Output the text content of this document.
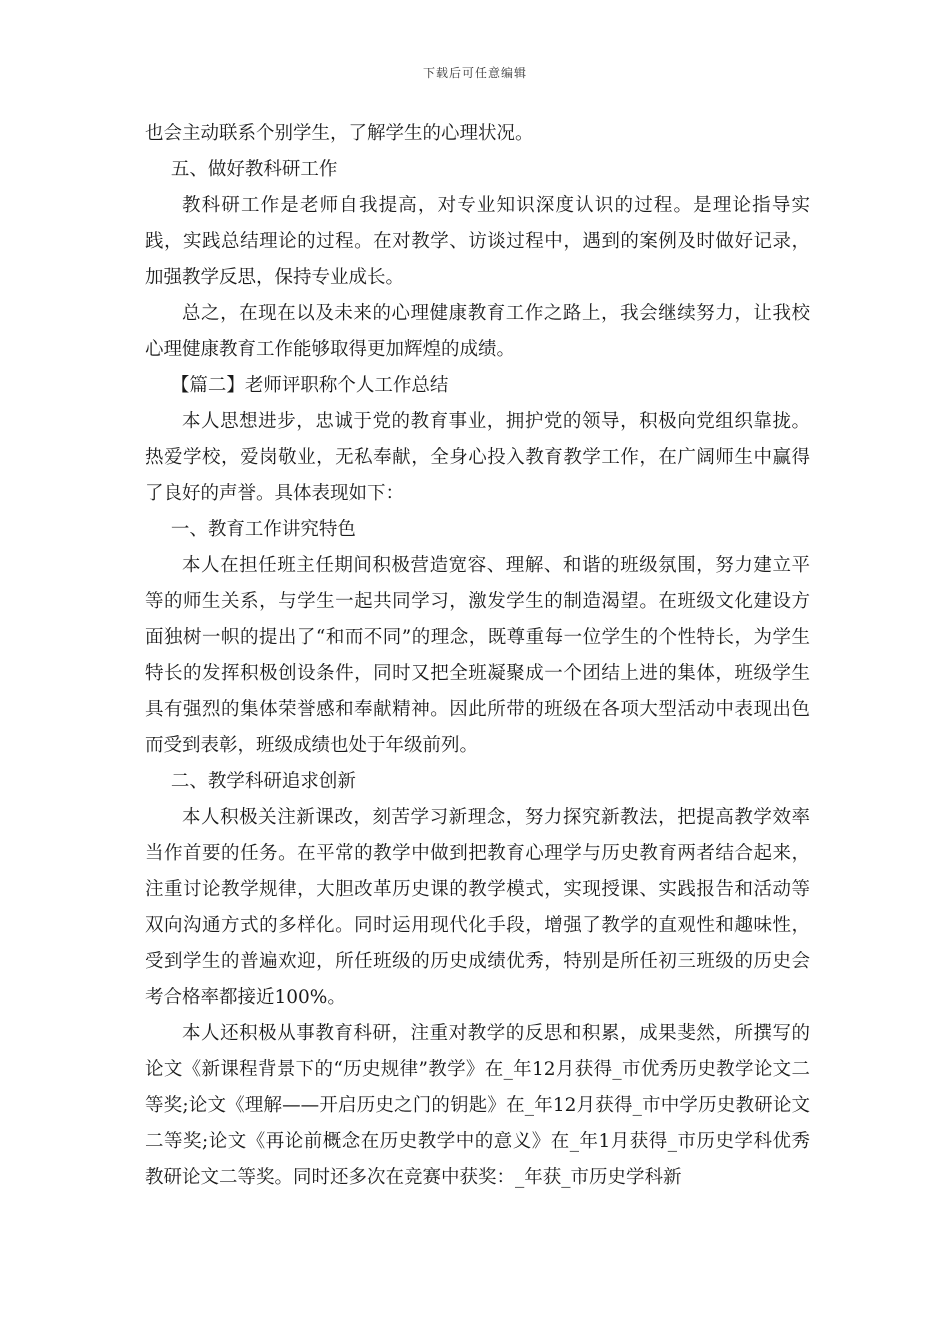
下载后可任意编辑

也会主动联系个别学生，了解学生的心理状况。

五、做好教科研工作

教科研工作是老师自我提高，对专业知识深度认识的过程。是理论指导实践，实践总结理论的过程。在对教学、访谈过程中，遇到的案例及时做好记录，加强教学反思，保持专业成长。

总之，在现在以及未来的心理健康教育工作之路上，我会继续努力，让我校心理健康教育工作能够取得更加辉煌的成绩。

【篇二】老师评职称个人工作总结

本人思想进步，忠诚于党的教育事业，拥护党的领导，积极向党组织靠拢。热爱学校，爱岗敬业，无私奉献，全身心投入教育教学工作，在广阔师生中赢得了良好的声誉。具体表现如下：

一、教育工作讲究特色

本人在担任班主任期间积极营造宽容、理解、和谐的班级氛围，努力建立平等的师生关系，与学生一起共同学习，激发学生的制造渴望。在班级文化建设方面独树一帜的提出了“和而不同”的理念，既尊重每一位学生的个性特长，为学生特长的发挥积极创设条件，同时又把全班凝聚成一个团结上进的集体，班级学生具有强烈的集体荣誉感和奉献精神。因此所带的班级在各项大型活动中表现出色而受到表彰，班级成绩也处于年级前列。

二、教学科研追求创新

本人积极关注新课改，刻苦学习新理念，努力探究新教法，把提高教学效率当作首要的任务。在平常的教学中做到把教育心理学与历史教育两者结合起来，注重讨论教学规律，大胆改革历史课的教学模式，实现授课、实践报告和活动等双向沟通方式的多样化。同时运用现代化手段，增强了教学的直观性和趣味性，受到学生的普遍欢迎，所任班级的历史成绩优秀，特别是所任初三班级的历史会考合格率都接近100%。

本人还积极从事教育科研，注重对教学的反思和积累，成果斐然，所撰写的论文《新课程背景下的“历史规律”教学》在_年12月获得_市优秀历史教学论文二等奖;论文《理解——开启历史之门的钥匙》在_年12月获得_市中学历史教研论文二等奖;论文《再论前概念在历史教学中的意义》在_年1月获得_市历史学科优秀教研论文二等奖。同时还多次在竞赛中获奖：_年获_市历史学科新
